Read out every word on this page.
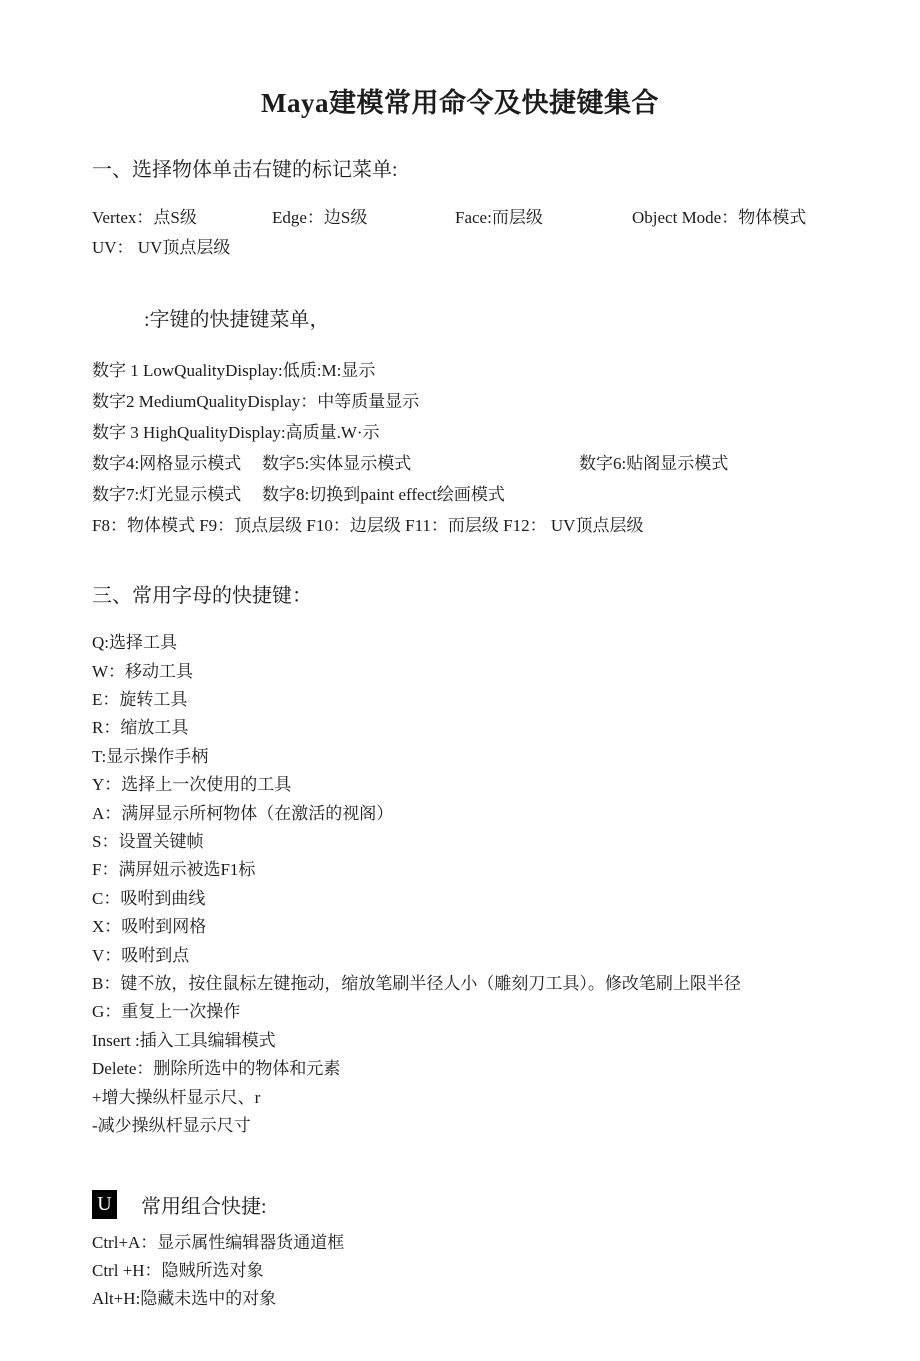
Maya建模常用命令及快捷键集合
一、选择物体单击右键的标记菜单:
Vertex：点S级	Edge：边S级	Face:而层级	Object Mode：物体模式
UV： UV顶点层级
:字键的快捷键菜单，
数字 1 LowQualityDisplay:低质:M:显示
数字2 MediumQualityDisplay：中等质量显示
数字 3 HighQualityDisplay:高质量.W·示
数字4:网格显示模式	数字5:实体显示模式	数字6:贴阁显示模式
数字7:灯光显示模式	数字8:切换到paint effect绘画模式
F8：物体模式 F9：顶点层级 F10：边层级 F11：而层级 F12： UV顶点层级
三、常用字母的快捷键：
Q:选择工具
W：移动工具
E：旋转工具
R：缩放工具
T:显示操作手柄
Y：选择上一次使用的工具
A：满屏显示所柯物体（在激活的视阁）
S：设置关键帧
F：满屏妞示被选F1标
C：吸咐到曲线
X：吸咐到网格
V：吸咐到点
B：键不放，按住鼠标左键拖动，缩放笔刷半径人小（雕刻刀工具）。修改笔刷上限半径
G：重复上一次操作
Insert :插入工具编辑模式
Delete：删除所选中的物体和元素
+增大操纵杆显示尺、r
-减少操纵杆显示尺寸
U 常用组合快捷:
Ctrl+A：显示属性编辑器货通道框
Ctrl +H：隐贼所选对象
Alt+H:隐藏未选中的对象
